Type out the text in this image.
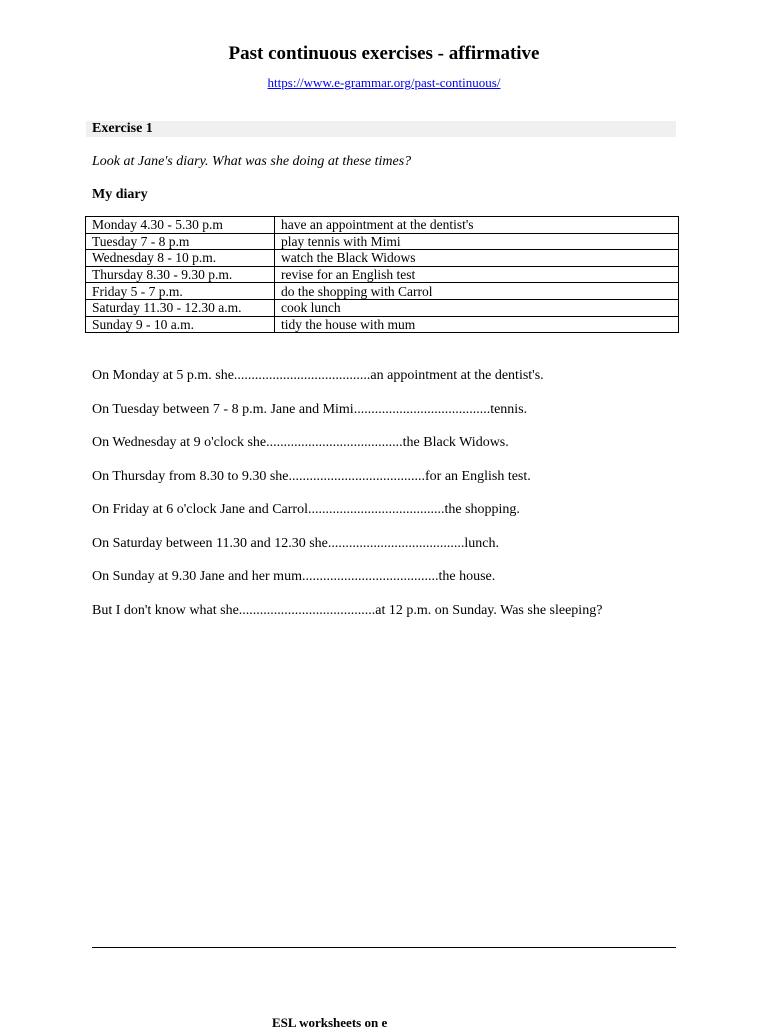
Past continuous exercises - affirmative
https://www.e-grammar.org/past-continuous/
Exercise 1
Look at Jane's diary. What was she doing at these times?
My diary
Monday 4.30 - 5.30 p.m	have an appointment at the dentist's
Tuesday 7 - 8 p.m	play tennis with Mimi
Wednesday 8 - 10 p.m.	watch the Black Widows
Thursday 8.30 - 9.30 p.m.	revise for an English test
Friday 5 - 7 p.m.	do the shopping with Carrol
Saturday 11.30 - 12.30 a.m.	cook lunch
Sunday 9 - 10 a.m.	tidy the house with mum
On Monday at 5 p.m. she.......................................an appointment at the dentist's.
On Tuesday between 7 - 8 p.m. Jane and Mimi.......................................tennis.
On Wednesday at 9 o'clock she.......................................the Black Widows.
On Thursday from 8.30 to 9.30 she.......................................for an English test.
On Friday at 6 o'clock Jane and Carrol.......................................the shopping.
On Saturday between 11.30 and 12.30 she.......................................lunch.
On Sunday at 9.30 Jane and her mum.......................................the house.
But I don't know what she.......................................at 12 p.m. on Sunday. Was she sleeping?
ESL worksheets on e
